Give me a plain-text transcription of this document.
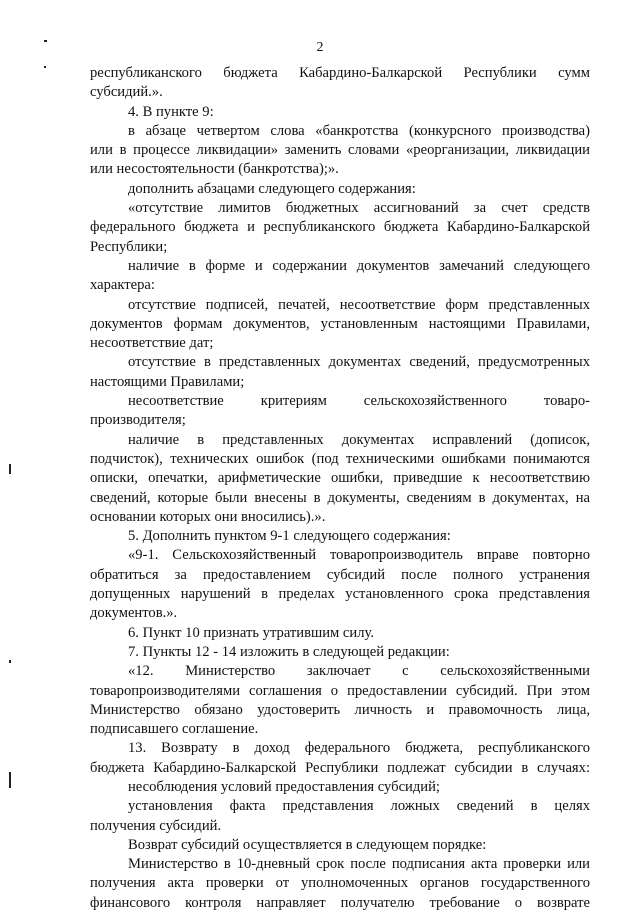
2
республиканского бюджета Кабардино-Балкарской Республики сумм
субсидий.».
4. В пункте 9:
в абзаце четвертом слова «банкротства (конкурсного производства)
или в процессе ликвидации» заменить словами «реорганизации, ликвидации
или несостоятельности (банкротства);».
дополнить абзацами следующего содержания:
«отсутствие лимитов бюджетных ассигнований за счет средств
федерального бюджета и республиканского бюджета Кабардино-Балкарской
Республики;
наличие в форме и содержании документов замечаний следующего
характера:
отсутствие подписей, печатей, несоответствие форм представленных
документов формам документов, установленным настоящими Правилами,
несоответствие дат;
отсутствие в представленных документах сведений, предусмотренных
настоящими Правилами;
несоответствие критериям сельскохозяйственного товаро-
производителя;
наличие в представленных документах исправлений (дописок,
подчисток), технических ошибок (под техническими ошибками понимаются
описки, опечатки, арифметические ошибки, приведшие к несоответствию
сведений, которые были внесены в документы, сведениям в документах, на
основании которых они вносились).».
5. Дополнить пунктом 9-1 следующего содержания:
«9-1. Сельскохозяйственный товаропроизводитель вправе повторно
обратиться за предоставлением субсидий после полного устранения
допущенных нарушений в пределах установленного срока представления
документов.».
6. Пункт 10 признать утратившим силу.
7. Пункты 12 - 14 изложить в следующей редакции:
«12. Министерство заключает с сельскохозяйственными
товаропроизводителями соглашения о предоставлении субсидий. При этом
Министерство обязано удостоверить личность и правомочность лица,
подписавшего соглашение.
13. Возврату в доход федерального бюджета, республиканского
бюджета Кабардино-Балкарской Республики подлежат субсидии в случаях:
несоблюдения условий предоставления субсидий;
установления факта представления ложных сведений в целях
получения субсидий.
Возврат субсидий осуществляется в следующем порядке:
Министерство в 10-дневный срок после подписания акта проверки или
получения акта проверки от уполномоченных органов государственного
финансового контроля направляет получателю требование о возврате
